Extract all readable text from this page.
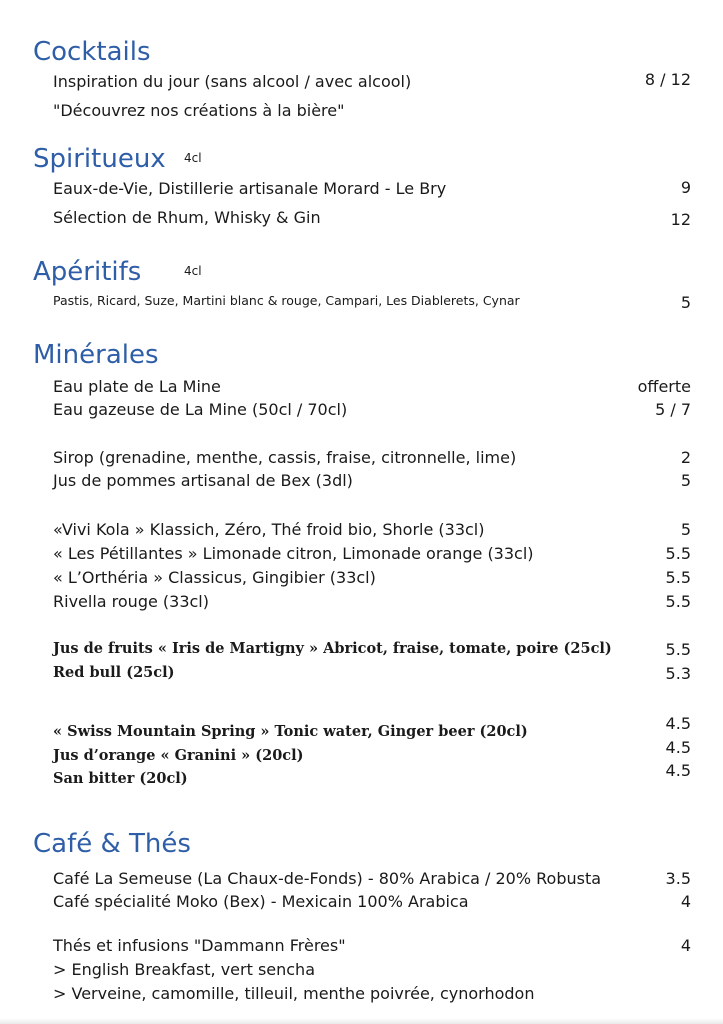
Cocktails
Inspiration du jour (sans alcool / avec alcool)	8 / 12
"Découvrez nos créations à la bière"
Spiritueux 4cl
Eaux-de-Vie, Distillerie artisanale Morard - Le Bry	9
Sélection de Rhum, Whisky & Gin	12
Apéritifs	4cl
Pastis, Ricard, Suze, Martini blanc & rouge, Campari, Les Diablerets, Cynar	5
Minérales
Eau plate de La Mine	offerte
Eau gazeuse de La Mine (50cl / 70cl)	5 / 7
Sirop (grenadine, menthe, cassis, fraise, citronnelle, lime)	2
Jus de pommes artisanal de Bex (3dl)	5
«Vivi Kola » Klassich, Zéro, Thé froid bio, Shorle (33cl)	5
« Les Pétillantes » Limonade citron, Limonade orange (33cl)	5.5
« L’Orthéria » Classicus, Gingibier (33cl)	5.5
Rivella rouge (33cl)	5.5
Jus de fruits « Iris de Martigny » Abricot, fraise, tomate, poire (25cl)	5.5
Red bull (25cl)	5.3
« Swiss Mountain Spring » Tonic water, Ginger beer (20cl)	4.5
Jus d’orange « Granini » (20cl)	4.5
San bitter (20cl)	4.5
Café & Thés
Café La Semeuse (La Chaux-de-Fonds) - 80% Arabica / 20% Robusta	3.5
Café spécialité Moko (Bex) - Mexicain 100% Arabica	4
Thés et infusions "Dammann Frères"	4
> English Breakfast, vert sencha
> Verveine, camomille, tilleuil, menthe poivrée, cynorhodon
